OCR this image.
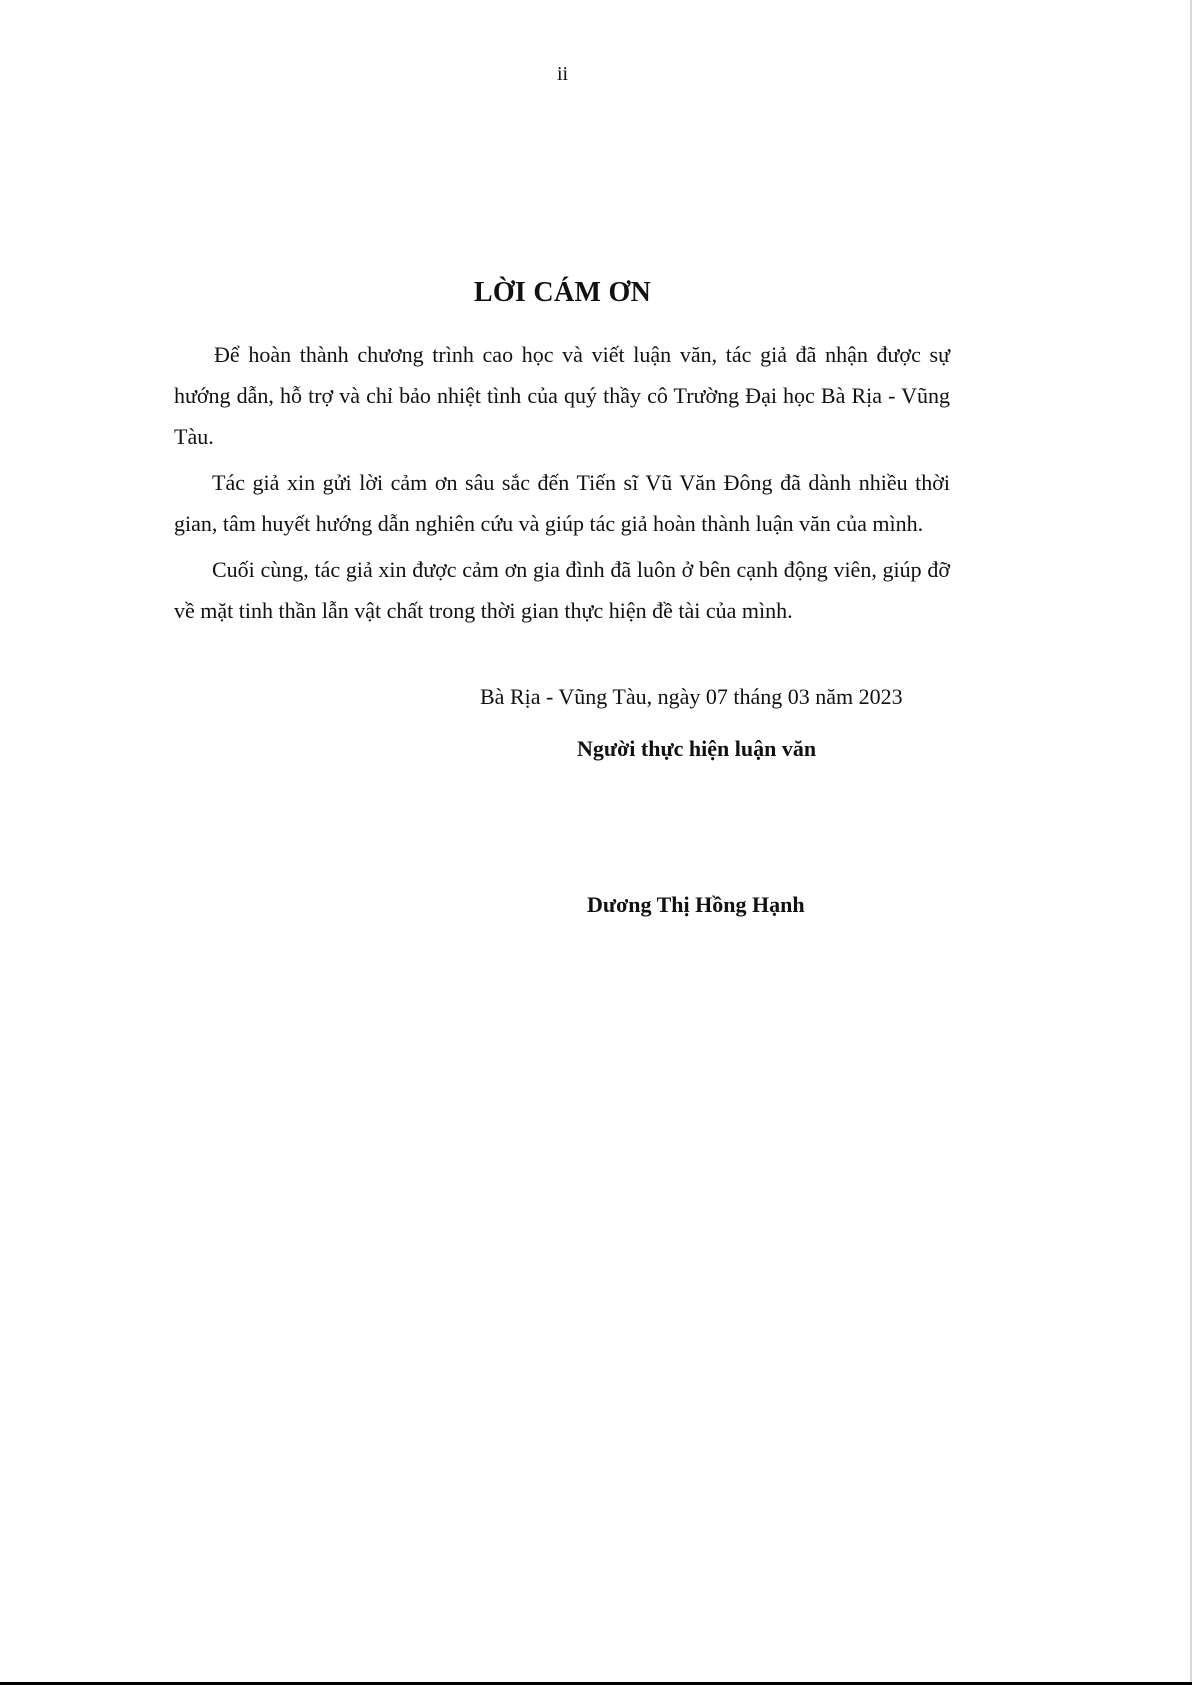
ii
LỜI CÁM ƠN

Để hoàn thành chương trình cao học và viết luận văn, tác giả đã nhận được sự hướng dẫn, hỗ trợ và chỉ bảo nhiệt tình của quý thầy cô Trường Đại học Bà Rịa - Vũng Tàu.

Tác giả xin gửi lời cảm ơn sâu sắc đến Tiến sĩ Vũ Văn Đông đã dành nhiều thời gian, tâm huyết hướng dẫn nghiên cứu và giúp tác giả hoàn thành luận văn của mình.

Cuối cùng, tác giả xin được cảm ơn gia đình đã luôn ở bên cạnh động viên, giúp đỡ về mặt tinh thần lẫn vật chất trong thời gian thực hiện đề tài của mình.

Bà Rịa - Vũng Tàu, ngày 07 tháng 03 năm 2023
Người thực hiện luận văn
Dương Thị Hồng Hạnh
